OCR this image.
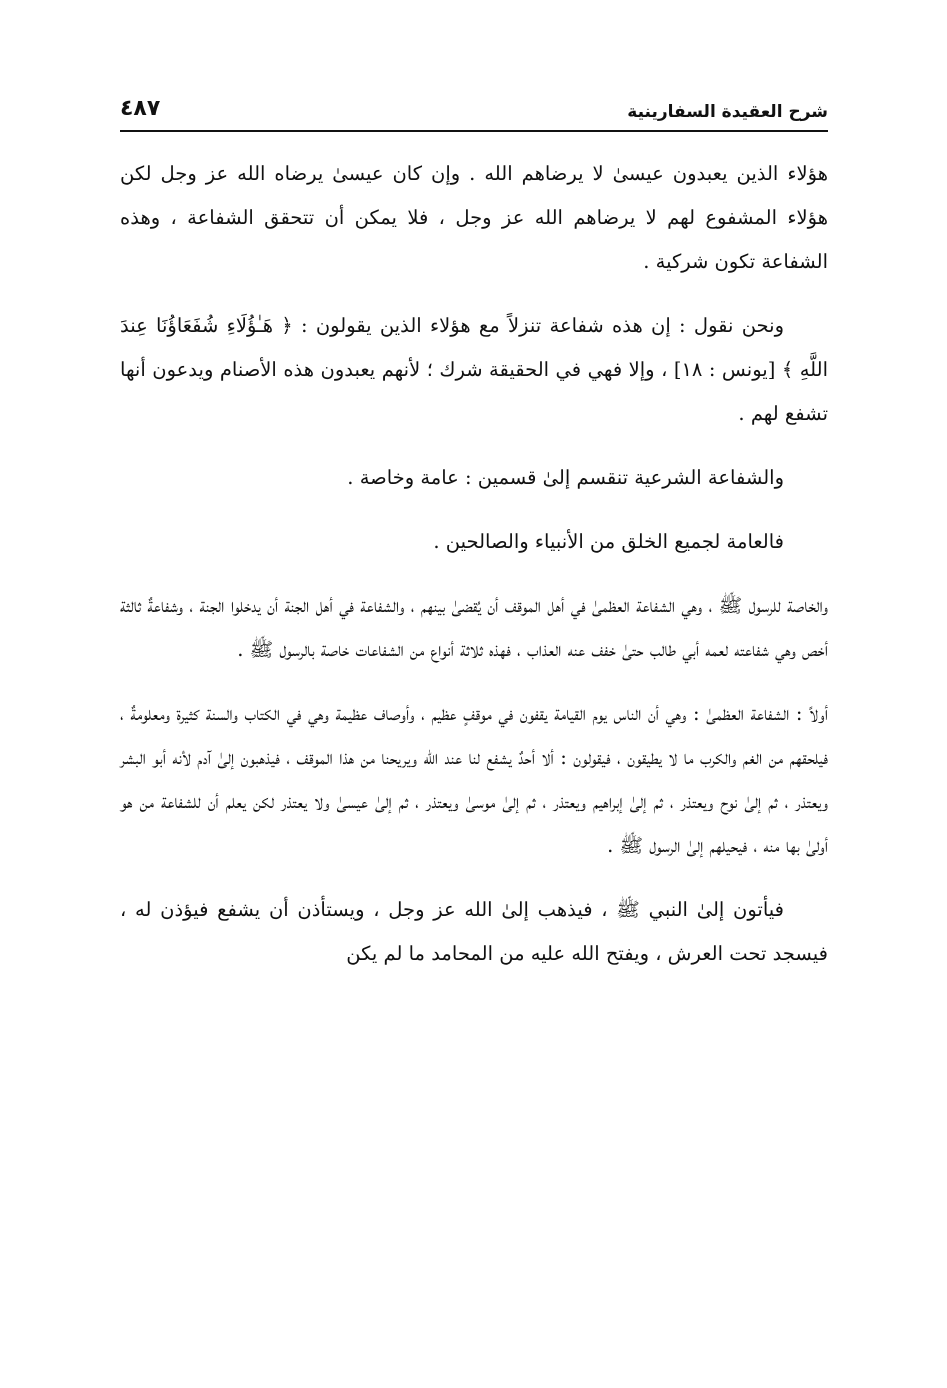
شرح العقيدة السفارينية
٤٨٧

هؤلاء الذين يعبدون عيسىٰ لا يرضاهم الله . وإن كان عيسىٰ يرضاه الله عز وجل لكن هؤلاء المشفوع لهم لا يرضاهم الله عز وجل ، فلا يمكن أن تتحقق الشفاعة ، وهذه الشفاعة تكون شركية .

ونحن نقول : إن هذه شفاعة تنزلاً مع هؤلاء الذين يقولون : ﴿ هَـٰؤُلَاءِ شُفَعَاؤُنَا عِندَ اللَّهِ ﴾ [يونس : ١٨] ، وإلا فهي في الحقيقة شرك ؛ لأنهم يعبدون هذه الأصنام ويدعون أنها تشفع لهم .

والشفاعة الشرعية تنقسم إلىٰ قسمين : عامة وخاصة .

فالعامة لجميع الخلق من الأنبياء والصالحين .

والخاصة للرسول ﷺ ، وهي الشفاعة العظمىٰ في أهل الموقف أن يُقضىٰ بينهم ، والشفاعة في أهل الجنة أن يدخلوا الجنة ، وشفاعةٌ ثالثة أخص وهي شفاعته لعمه أبي طالب حتىٰ خفف عنه العذاب ، فهذه ثلاثة أنواع من الشفاعات خاصة بالرسول ﷺ .

أولاً : الشفاعة العظمىٰ : وهي أن الناس يوم القيامة يقفون في موقفٍ عظيم ، وأوصاف عظيمة وهي في الكتاب والسنة كثيرة ومعلومةٌ ، فيلحقهم من الغم والكرب ما لا يطيقون ، فيقولون : ألا أحدٌ يشفع لنا عند الله ويريحنا من هذا الموقف ، فيذهبون إلىٰ آدم لأنه أبو البشر ويعتذر ، ثم إلىٰ نوح ويعتذر ، ثم إلىٰ إبراهيم ويعتذر ، ثم إلىٰ موسىٰ ويعتذر ، ثم إلىٰ عيسىٰ ولا يعتذر لكن يعلم أن للشفاعة من هو أولىٰ بها منه ، فيحيلهم إلىٰ الرسول ﷺ .

فيأتون إلىٰ النبي ﷺ ، فيذهب إلىٰ الله عز وجل ، ويستأذن أن يشفع فيؤذن له ، فيسجد تحت العرش ، ويفتح الله عليه من المحامد ما لم يكن
